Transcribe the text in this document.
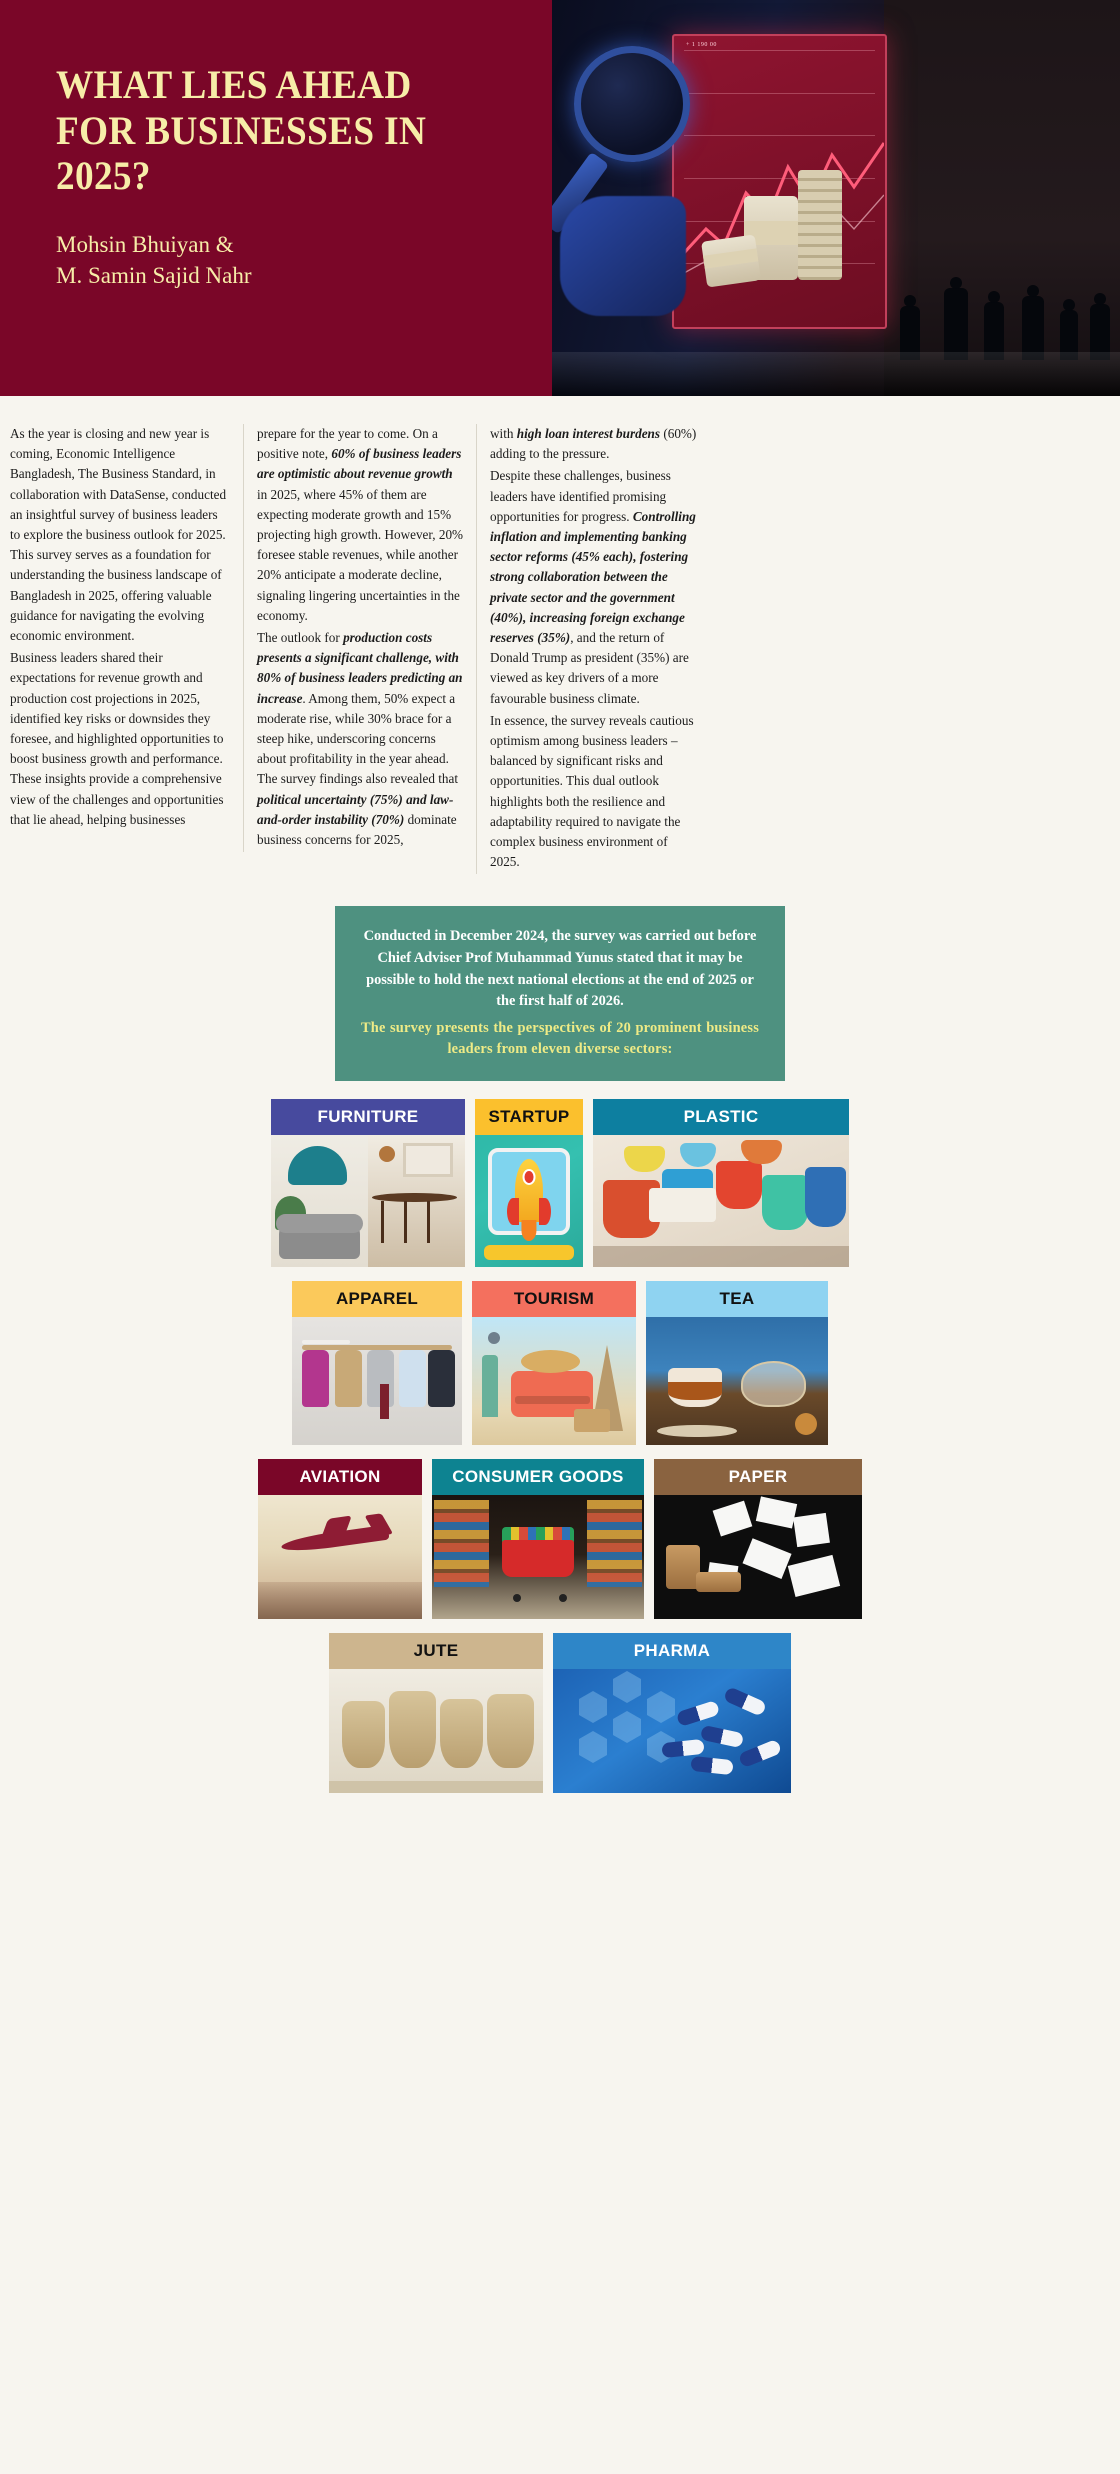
WHAT LIES AHEAD
FOR BUSINESSES IN
2025?
Mohsin Bhuiyan &
M. Samin Sajid Nahr
+ 1 190 00

As the year is closing and new year is coming, Economic Intelligence Bangladesh, The Business Standard, in collaboration with DataSense, conducted an insightful survey of business leaders to explore the business outlook for 2025. This survey serves as a foundation for understanding the business landscape of Bangladesh in 2025, offering valuable guidance for navigating the evolving economic environment.

Business leaders shared their expectations for revenue growth and production cost projections in 2025, identified key risks or downsides they foresee, and highlighted opportunities to boost business growth and performance. These insights provide a comprehensive view of the challenges and opportunities that lie ahead, helping businesses

prepare for the year to come. On a positive note, 60% of business leaders are optimistic about revenue growth in 2025, where 45% of them are expecting moderate growth and 15% projecting high growth. However, 20% foresee stable revenues, while another 20% anticipate a moderate decline, signaling lingering uncertainties in the economy.

The outlook for production costs presents a significant challenge, with 80% of business leaders predicting an increase. Among them, 50% expect a moderate rise, while 30% brace for a steep hike, underscoring concerns about profitability in the year ahead. The survey findings also revealed that political uncertainty (75%) and law-and-order instability (70%) dominate business concerns for 2025,

with high loan interest burdens (60%) adding to the pressure.

Despite these challenges, business leaders have identified promising opportunities for progress. Controlling inflation and implementing banking sector reforms (45% each), fostering strong collaboration between the private sector and the government (40%), increasing foreign exchange reserves (35%), and the return of Donald Trump as president (35%) are viewed as key drivers of a more favourable business climate.

In essence, the survey reveals cautious optimism among business leaders – balanced by significant risks and opportunities. This dual outlook highlights both the resilience and adaptability required to navigate the complex business environment of 2025.

Conducted in December 2024, the survey was carried out before Chief Adviser Prof Muhammad Yunus stated that it may be possible to hold the next national elections at the end of 2025 or the first half of 2026.
The survey presents the perspectives of 20 prominent business leaders from eleven diverse sectors:
FURNITURE	STARTUP	PLASTIC
APPAREL	TOURISM	TEA
AVIATION	CONSUMER GOODS	PAPER
JUTE	PHARMA
